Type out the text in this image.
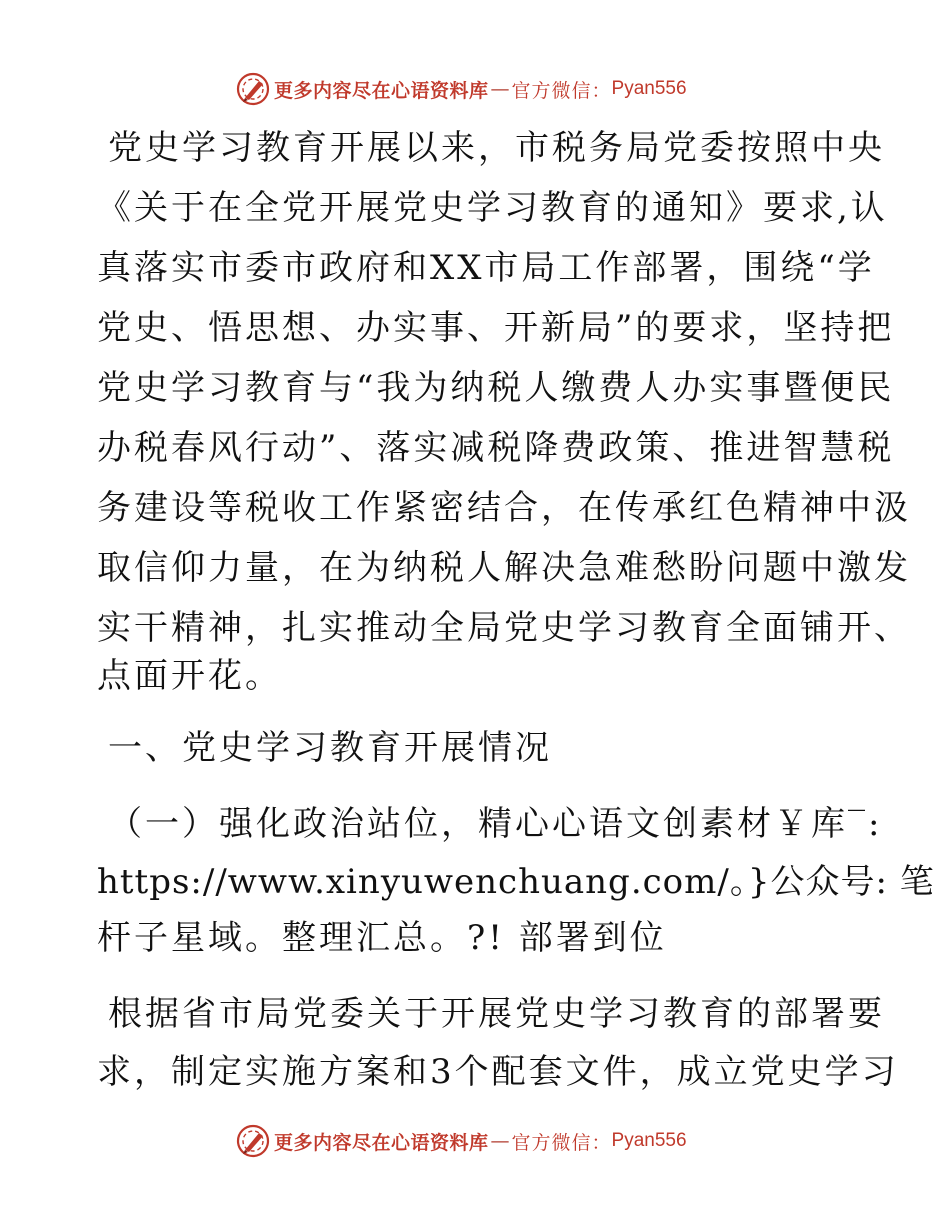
更多内容尽在心语资料库 — 官方微信： Pyan556
党史学习教育开展以来，市税务局党委按照中央
《关于在全党开展党史学习教育的通知》要求,认
真落实市委市政府和XX市局工作部署，围绕“学
党史、悟思想、办实事、开新局”的要求，坚持把
党史学习教育与“我为纳税人缴费人办实事暨便民
办税春风行动”、落实减税降费政策、推进智慧税
务建设等税收工作紧密结合，在传承红色精神中汲
取信仰力量，在为纳税人解决急难愁盼问题中激发
实干精神，扎实推动全局党史学习教育全面铺开、
点面开花。
一、党史学习教育开展情况
（一）强化政治站位，精心心语文创素材￥库‾:
https://www.xinyuwenchuang.com/。}公众号: 笔
杆子星域。整理汇总。?! 部署到位
根据省市局党委关于开展党史学习教育的部署要
求，制定实施方案和3个配套文件，成立党史学习
更多内容尽在心语资料库 — 官方微信： Pyan556
